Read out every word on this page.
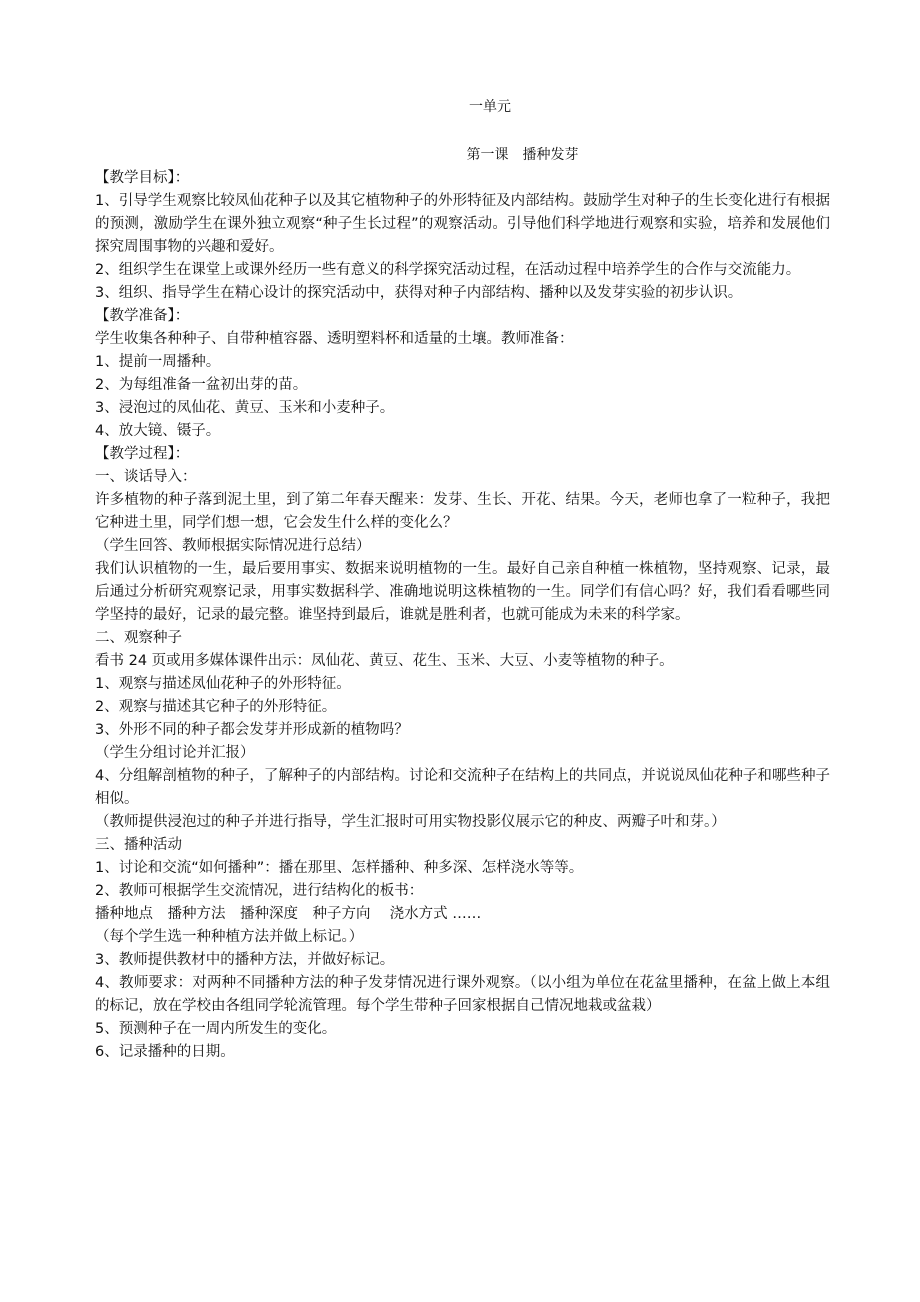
一单元
第一课　播种发芽
【教学目标】：
1、引导学生观察比较凤仙花种子以及其它植物种子的外形特征及内部结构。鼓励学生对种子的生长变化进行有根据的预测，激励学生在课外独立观察“种子生长过程”的观察活动。引导他们科学地进行观察和实验，培养和发展他们探究周围事物的兴趣和爱好。
2、组织学生在课堂上或课外经历一些有意义的科学探究活动过程，在活动过程中培养学生的合作与交流能力。
3、组织、指导学生在精心设计的探究活动中，获得对种子内部结构、播种以及发芽实验的初步认识。
【教学准备】：
学生收集各种种子、自带种植容器、透明塑料杯和适量的土壤。教师准备：
1、提前一周播种。
2、为每组准备一盆初出芽的苗。
3、浸泡过的凤仙花、黄豆、玉米和小麦种子。
4、放大镜、镊子。
【教学过程】：
一、谈话导入：
许多植物的种子落到泥土里，到了第二年春天醒来：发芽、生长、开花、结果。今天，老师也拿了一粒种子，我把它种进土里，同学们想一想，它会发生什么样的变化么？
（学生回答、教师根据实际情况进行总结）
我们认识植物的一生，最后要用事实、数据来说明植物的一生。最好自己亲自种植一株植物，坚持观察、记录，最后通过分析研究观察记录，用事实数据科学、准确地说明这株植物的一生。同学们有信心吗？好，我们看看哪些同学坚持的最好，记录的最完整。谁坚持到最后，谁就是胜利者，也就可能成为未来的科学家。
二、观察种子
看书 24 页或用多媒体课件出示：凤仙花、黄豆、花生、玉米、大豆、小麦等植物的种子。
1、观察与描述凤仙花种子的外形特征。
2、观察与描述其它种子的外形特征。
3、外形不同的种子都会发芽并形成新的植物吗？
（学生分组讨论并汇报）
4、分组解剖植物的种子，了解种子的内部结构。讨论和交流种子在结构上的共同点，并说说凤仙花种子和哪些种子相似。
（教师提供浸泡过的种子并进行指导，学生汇报时可用实物投影仪展示它的种皮、两瓣子叶和芽。）
三、播种活动
1、讨论和交流“如何播种”：播在那里、怎样播种、种多深、怎样浇水等等。
2、教师可根据学生交流情况，进行结构化的板书：
播种地点　播种方法　播种深度　种子方向　 浇水方式 ……
（每个学生选一种种植方法并做上标记。）
3、教师提供教材中的播种方法，并做好标记。
4、教师要求：对两种不同播种方法的种子发芽情况进行课外观察。（以小组为单位在花盆里播种，在盆上做上本组的标记，放在学校由各组同学轮流管理。每个学生带种子回家根据自己情况地栽或盆栽）
5、预测种子在一周内所发生的变化。
6、记录播种的日期。
